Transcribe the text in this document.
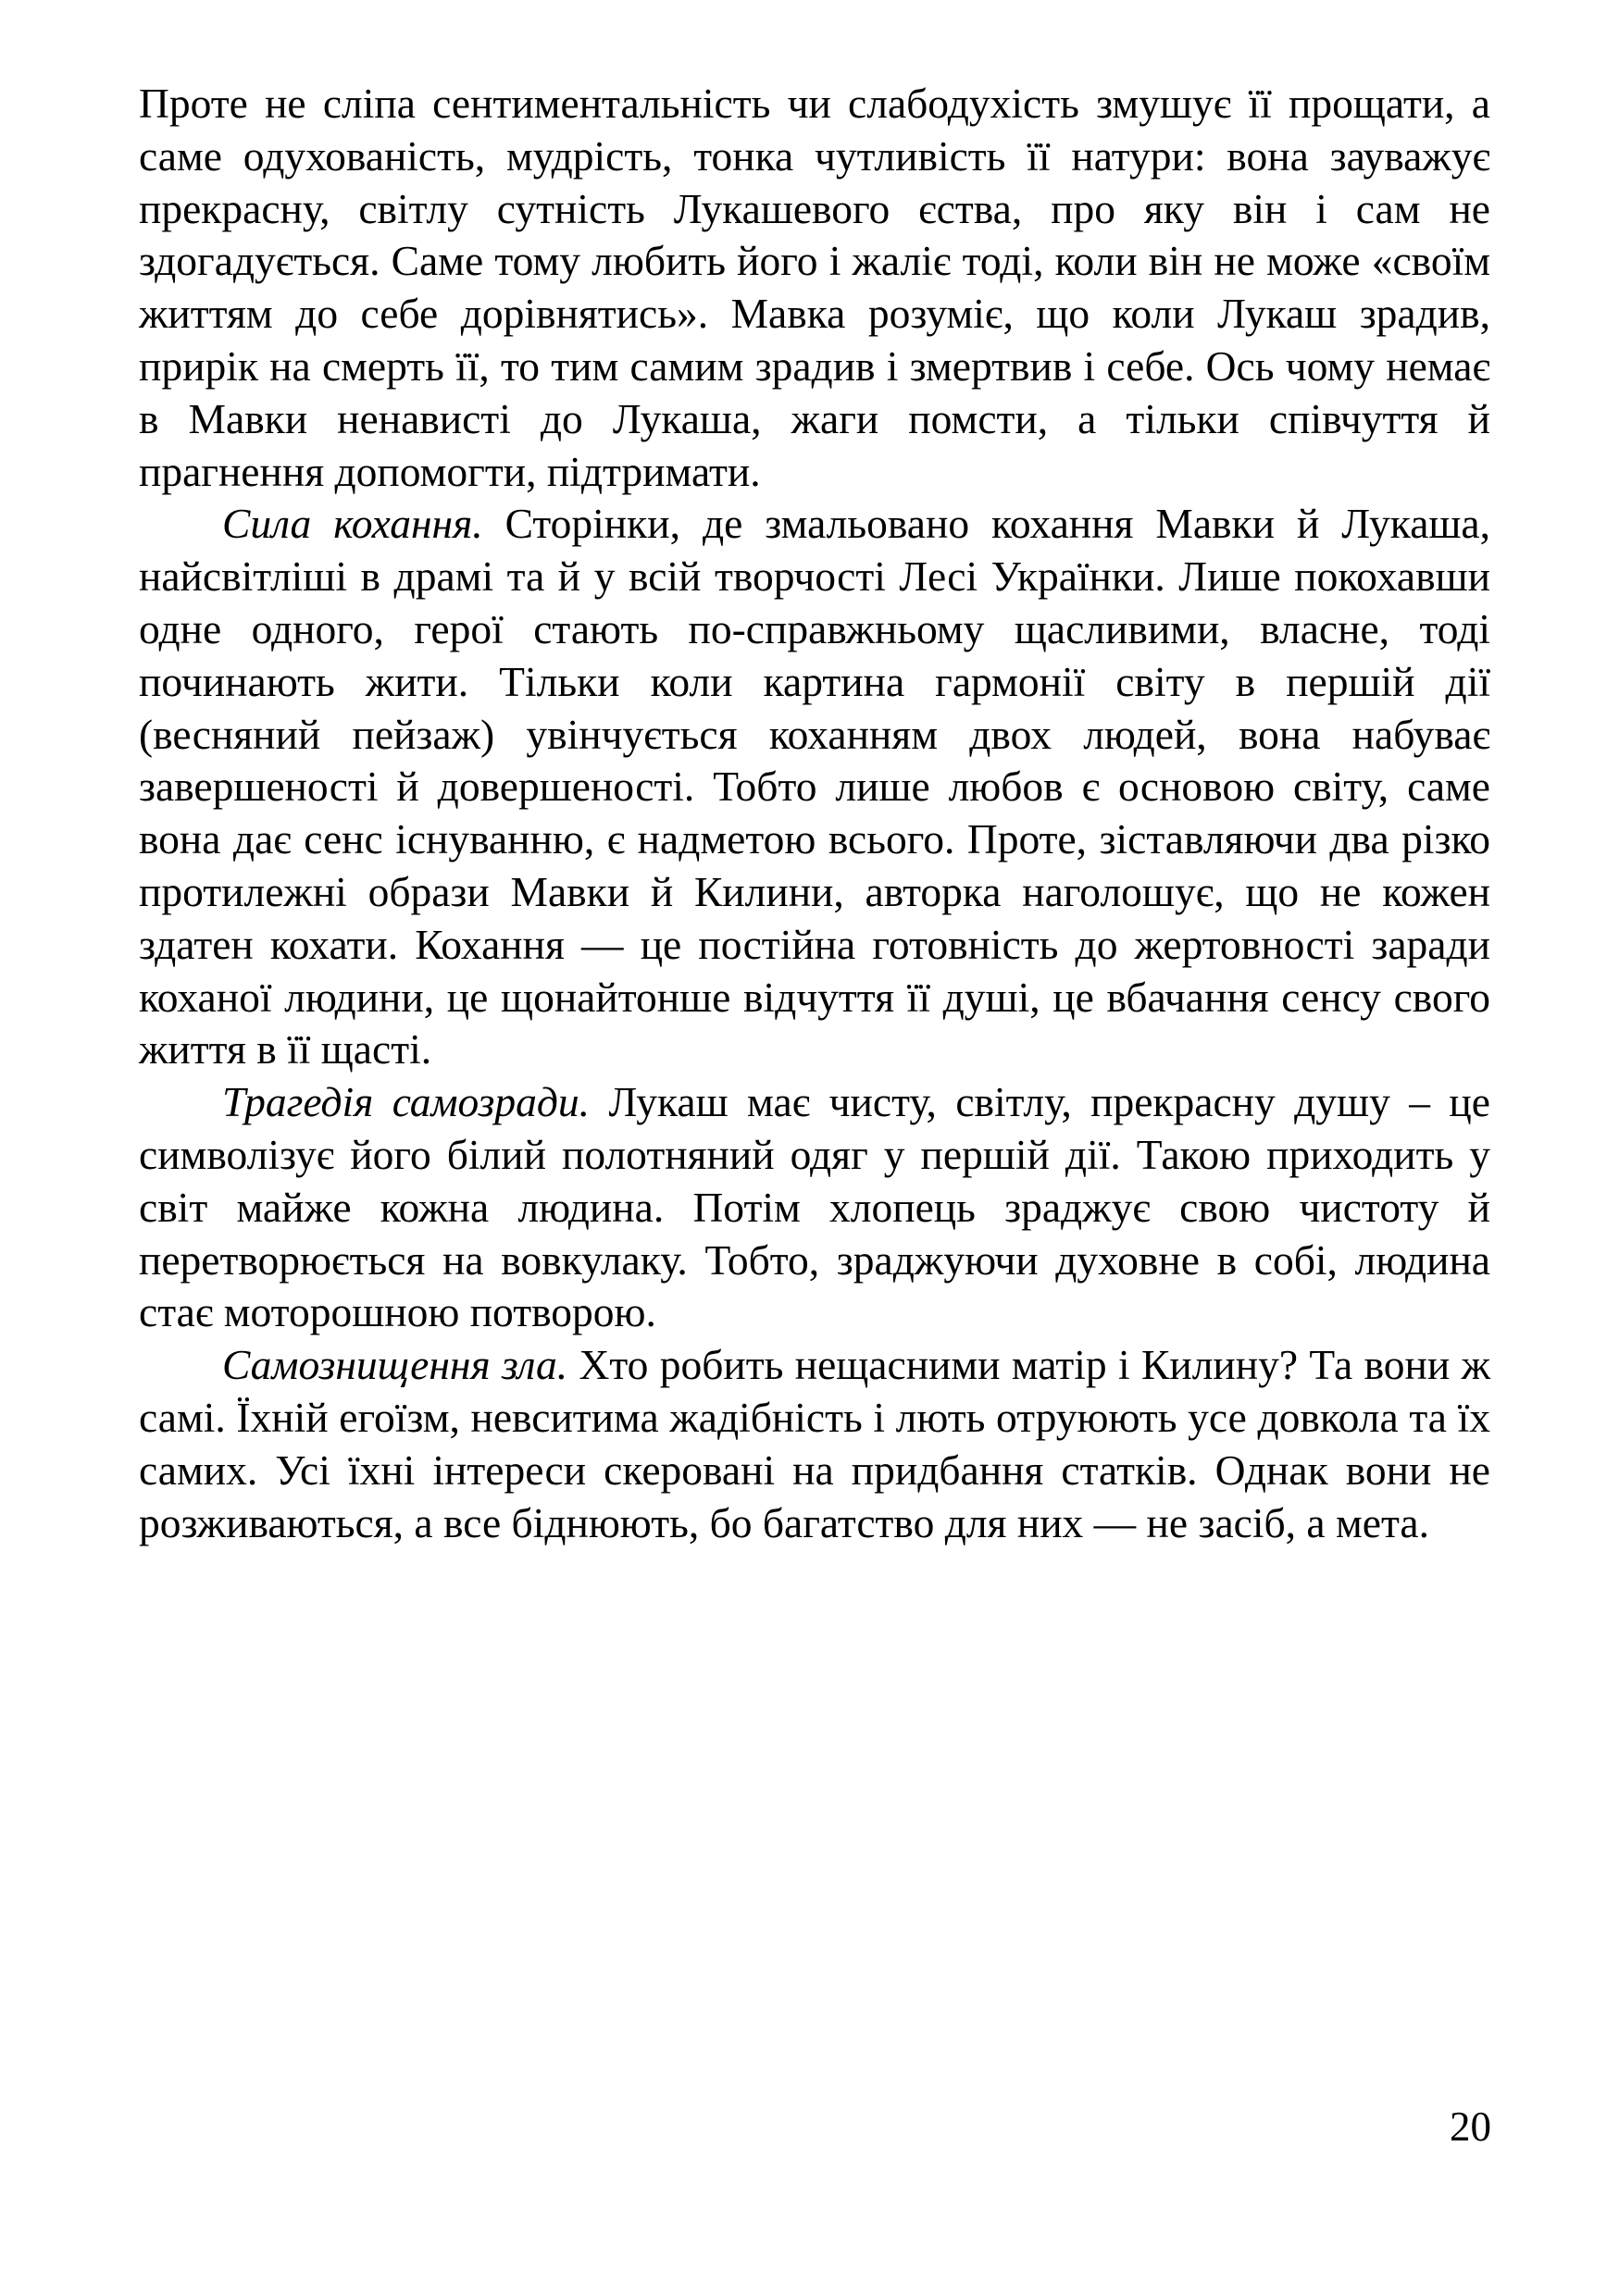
Проте не сліпа сентиментальність чи слабодухість змушує її прощати, а саме одухованість, мудрість, тонка чутливість її натури: вона зауважує прекрасну, світлу сутність Лукашевого єства, про яку він і сам не здогадується. Саме тому любить його і жаліє тоді, коли він не може «своїм життям до себе дорівнятись». Мавка розуміє, що коли Лукаш зрадив, прирік на смерть її, то тим самим зрадив і змертвив і себе. Ось чому немає в Мавки ненависті до Лукаша, жаги помсти, а тільки співчуття й прагнення допомогти, підтримати.

Сила кохання. Сторінки, де змальовано кохання Мавки й Лукаша, найсвітліші в драмі та й у всій творчості Лесі Українки. Лише покохавши одне одного, герої стають по-справжньому щасливими, власне, тоді починають жити. Тільки коли картина гармонії світу в першій дії (весняний пейзаж) увінчується коханням двох людей, вона набуває завершеності й довершеності. Тобто лише любов є основою світу, саме вона дає сенс існуванню, є надметою всього. Проте, зіставляючи два різко протилежні образи Мавки й Килини, авторка наголошує, що не кожен здатен кохати. Кохання — це постійна готовність до жертовності заради коханої людини, це щонайтонше відчуття її душі, це вбачання сенсу свого життя в її щасті.

Трагедія самозради. Лукаш має чисту, світлу, прекрасну душу – це символізує його білий полотняний одяг у першій дії. Такою приходить у світ майже кожна людина. Потім хлопець зраджує свою чистоту й перетворюється на вовкулаку. Тобто, зраджуючи духовне в собі, людина стає моторошною потворою.

Самознищення зла. Хто робить нещасними матір і Килину? Та вони ж самі. Їхній егоїзм, невситима жадібність і лють отруюють усе довкола та їх самих. Усі їхні інтереси скеровані на придбання статків. Однак вони не розживаються, а все біднюють, бо багатство для них — не засіб, а мета.

20
